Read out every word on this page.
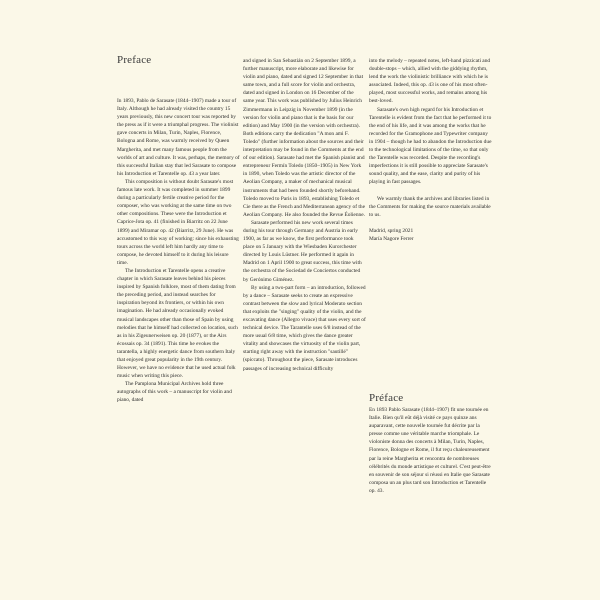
Preface

In 1893, Pablo de Sarasate (1844–1907) made a tour of Italy. Although he had already visited the country 15 years previously, this new concert tour was reported by the press as if it were a triumphal progress. The violinist gave concerts in Milan, Turin, Naples, Florence, Bologna and Rome, was warmly received by Queen Margherita, and met many famous people from the worlds of art and culture. It was, perhaps, the memory of this successful Italian stay that led Sarasate to compose his Introduction et Tarentelle op. 43 a year later.

This composition is without doubt Sarasate's most famous late work. It was completed in summer 1899 during a particularly fertile creative period for the composer, who was working at the same time on two other compositions. These were the Introduction et Caprice-Jota op. 41 (finished in Biarritz on 22 June 1899) and Miramar op. 42 (Biarritz, 29 June). He was accustomed to this way of working: since his exhausting tours across the world left him hardly any time to compose, he devoted himself to it during his leisure time.

The Introduction et Tarentelle opens a creative chapter in which Sarasate leaves behind his pieces inspired by Spanish folklore, most of them dating from the preceding period, and instead searches for inspiration beyond its frontiers, or within his own imagination. He had already occasionally evoked musical landscapes other than those of Spain by using melodies that he himself had collected on location, such as in his Zigeunerweisen op. 20 (1877), or the Airs écossais op. 34 (1891). This time he evokes the tarantella, a highly energetic dance from southern Italy that enjoyed great popularity in the 19th century. However, we have no evidence that he used actual folk music when writing this piece.

The Pamplona Municipal Archives hold three autographs of this work – a manuscript for violin and piano, dated

and signed in San Sebastián on 2 September 1899, a further manuscript, more elaborate and likewise for violin and piano, dated and signed 12 September in that same town, and a full score for violin and orchestra, dated and signed in London on 16 December of the same year. This work was published by Julius Heinrich Zimmermann in Leipzig in November 1899 (in the version for violin and piano that is the basis for our edition) and May 1900 (in the version with orchestra). Both editions carry the dedication "A mon ami F. Toledo" (further information about the sources and their interpretation may be found in the Comments at the end of our edition). Sarasate had met the Spanish pianist and entrepreneur Fermín Toledo (1850–1905) in New York in 1890, when Toledo was the artistic director of the Aeolian Company, a maker of mechanical musical instruments that had been founded shortly beforehand. Toledo moved to Paris in 1893, establishing Toledo et Cie there as the French and Mediterranean agency of the Aeolian Company. He also founded the Revue Éolienne.

Sarasate performed his new work several times during his tour through Germany and Austria in early 1900, as far as we know, the first performance took place on 5 January with the Wiesbaden Kurorchester directed by Louis Lüstner. He performed it again in Madrid on 1 April 1900 to great success, this time with the orchestra of the Sociedad de Conciertos conducted by Gerónimo Giménez.

By using a two-part form – an introduction, followed by a dance – Sarasate seeks to create an expressive contrast between the slow and lyrical Moderato section that exploits the "singing" quality of the violin, and the excavating dance (Allegro vivace) that uses every sort of technical device. The Tarantelle uses 6/8 instead of the more usual 6/8 time, which gives the dance greater vitality and showcases the virtuosity of the violin part, starting right away with the instruction "sautillé" (spiccato). Throughout the piece, Sarasate introduces passages of increasing technical difficulty

into the melody – repeated notes, left-hand pizzicati and double-stops – which, allied with the giddying rhythm, lend the work the violinistic brilliance with which he is associated. Indeed, this op. 43 is one of his most often-played, most successful works, and remains among his best-loved.

Sarasate's own high regard for his Introduction et Tarentelle is evident from the fact that he performed it to the end of his life, and it was among the works that he recorded for the Gramophone and Typewriter company in 1904 – though he had to abandon the Introduction due to the technological limitations of the time, so that only the Tarentelle was recorded. Despite the recording's imperfections it is still possible to appreciate Sarasate's sound quality, and the ease, clarity and purity of his playing in fast passages.

We warmly thank the archives and libraries listed in the Comments for making the source materials available to us.

Madrid, spring 2021
María Nagore Ferrer

Préface

En 1893 Pablo Sarasate (1844–1907) fit une tournée en Italie. Bien qu'il eût déjà visité ce pays quinze ans auparavant, cette nouvelle tournée fut décrite par la presse comme une véritable marche triomphale. Le violoniste donna des concerts à Milan, Turin, Naples, Florence, Bologne et Rome, il fut reçu chaleureusement par la reine Margherita et rencontra de nombreuses célébrités du monde artistique et culturel. C'est peut-être en souvenir de son séjour si réussi en Italie que Sarasate composa un an plus tard son Introduction et Tarentelle op. 43.
